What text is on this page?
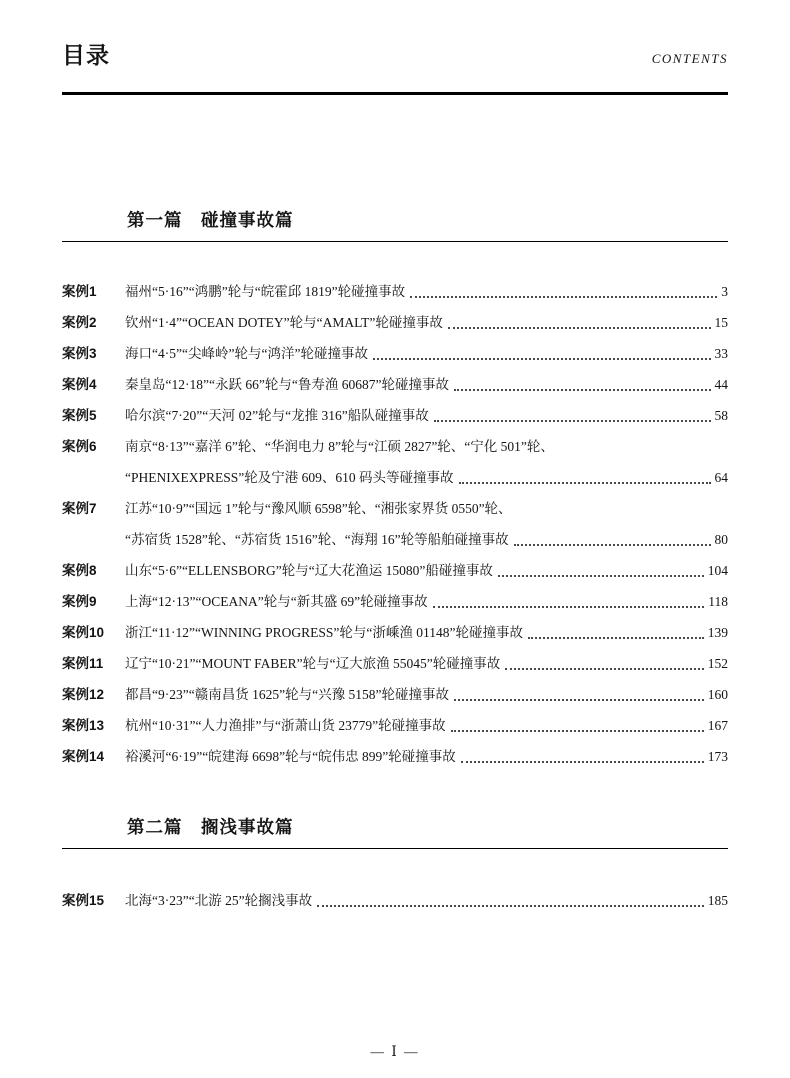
目录	CONTENTS
第一篇　碰撞事故篇
案例1	福州“5·16”“鸿鹏”轮与“皖霍邱 1819”轮碰撞事故	3
案例2	钦州“1·4”“OCEAN DOTEY”轮与“AMALT”轮碰撞事故	15
案例3	海口“4·5”“尖峰岭”轮与“鸿洋”轮碰撞事故	33
案例4	秦皇岛“12·18”“永跃 66”轮与“鲁寿渔 60687”轮碰撞事故	44
案例5	哈尔滨“7·20”“天河 02”轮与“龙推 316”船队碰撞事故	58
案例6	南京“8·13”“嘉洋 6”轮、“华润电力 8”轮与“江硕 2827”轮、“宁化 501”轮、
“PHENIXEXPRESS”轮及宁港 609、610 码头等碰撞事故	64
案例7	江苏“10·9”“国远 1”轮与“豫风顺 6598”轮、“湘张家界货 0550”轮、
“苏宿货 1528”轮、“苏宿货 1516”轮、“海翔 16”轮等船舶碰撞事故	80
案例8	山东“5·6”“ELLENSBORG”轮与“辽大花渔运 15080”船碰撞事故	104
案例9	上海“12·13”“OCEANA”轮与“新其盛 69”轮碰撞事故	118
案例10	浙江“11·12”“WINNING PROGRESS”轮与“浙嵊渔 01148”轮碰撞事故	139
案例11	辽宁“10·21”“MOUNT FABER”轮与“辽大旅渔 55045”轮碰撞事故	152
案例12	都昌“9·23”“赣南昌货 1625”轮与“兴豫 5158”轮碰撞事故	160
案例13	杭州“10·31”“人力渔排”与“浙萧山货 23779”轮碰撞事故	167
案例14	裕溪河“6·19”“皖建海 6698”轮与“皖伟忠 899”轮碰撞事故	173
第二篇　搁浅事故篇
案例15	北海“3·23”“北游 25”轮搁浅事故	185
— Ⅰ —
